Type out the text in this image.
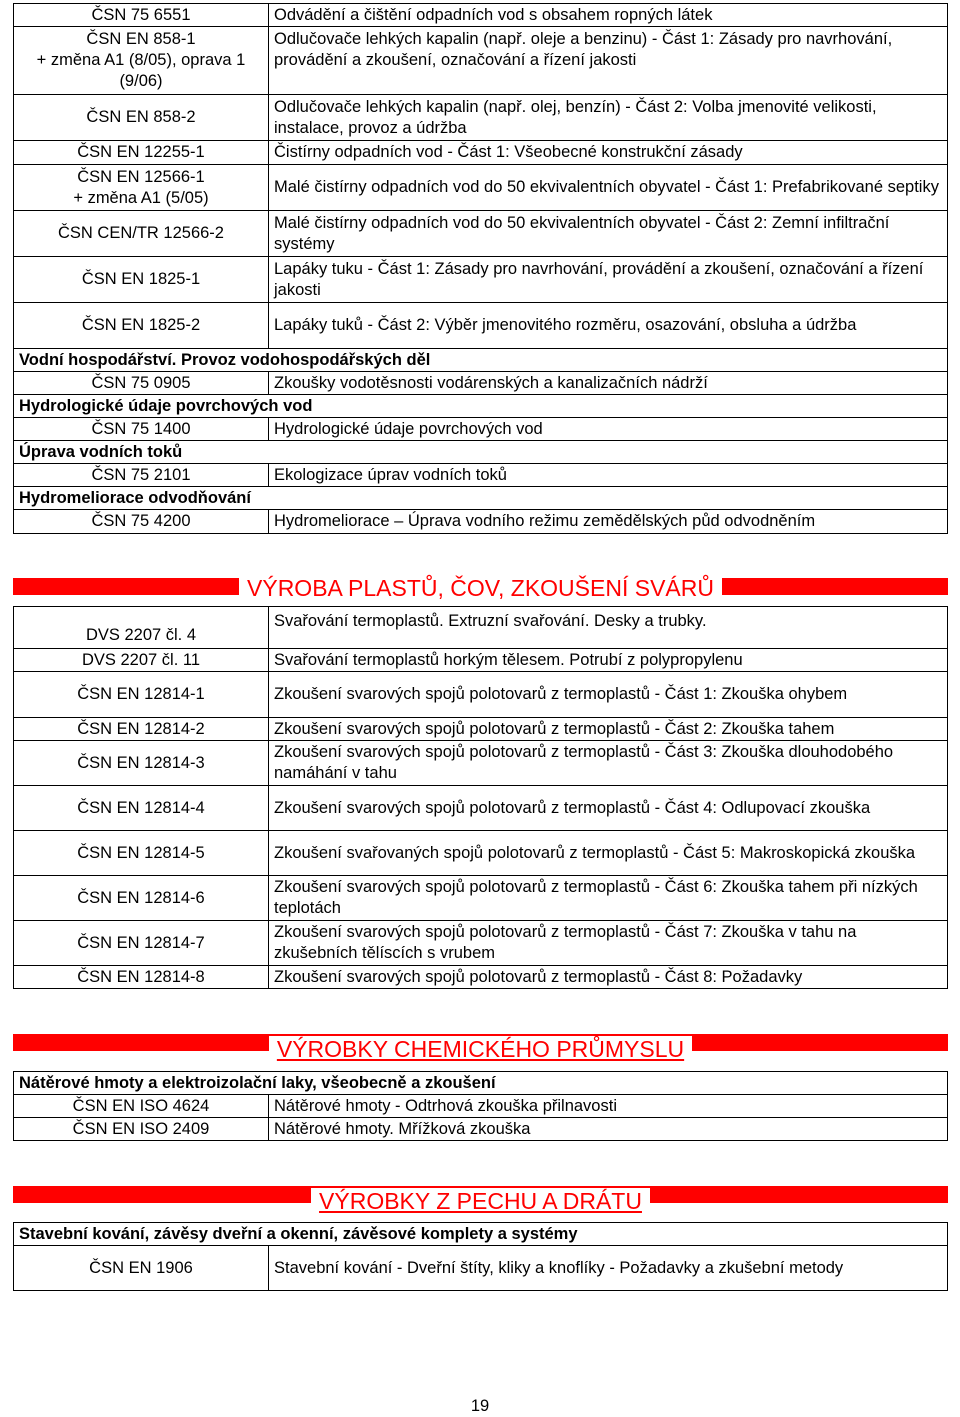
ČSN 75 6551	Odvádění a čištění odpadních vod s obsahem ropných látek
ČSN EN 858-1
+ změna A1 (8/05), oprava 1
(9/06)	Odlučovače lehkých kapalin (např. oleje a benzinu) - Část 1: Zásady pro navrhování, provádění a zkoušení, označování a řízení jakosti
ČSN EN 858-2	Odlučovače lehkých kapalin (např. olej, benzín) - Část 2: Volba jmenovité velikosti, instalace, provoz a údržba
ČSN EN 12255-1	Čistírny odpadních vod - Část 1: Všeobecné konstrukční zásady
ČSN EN 12566-1
+ změna A1 (5/05)	Malé čistírny odpadních vod do 50 ekvivalentních obyvatel - Část 1: Prefabrikované septiky
ČSN CEN/TR 12566-2	Malé čistírny odpadních vod do 50 ekvivalentních obyvatel - Část 2: Zemní infiltrační systémy
ČSN EN 1825-1	Lapáky tuku - Část 1: Zásady pro navrhování, provádění a zkoušení, označování a řízení jakosti
ČSN EN 1825-2	Lapáky tuků - Část 2: Výběr jmenovitého rozměru, osazování, obsluha a údržba
Vodní hospodářství. Provoz vodohospodářských děl	
ČSN 75 0905	Zkoušky vodotěsnosti vodárenských a kanalizačních nádrží
Hydrologické údaje povrchových vod	
ČSN 75 1400	Hydrologické údaje povrchových vod
Úprava vodních toků	
ČSN 75 2101	Ekologizace úprav vodních toků
Hydromeliorace odvodňování	
ČSN 75 4200	Hydromeliorace – Úprava vodního režimu zemědělských půd odvodněním
VÝROBA PLASTŮ, ČOV, ZKOUŠENÍ SVÁRŮ
DVS 2207 čl. 4	Svařování termoplastů. Extruzní svařování. Desky a trubky.
DVS 2207 čl. 11	Svařování termoplastů horkým tělesem. Potrubí z polypropylenu
ČSN EN 12814-1	Zkoušení svarových spojů polotovarů z termoplastů - Část 1: Zkouška ohybem
ČSN EN 12814-2	Zkoušení svarových spojů polotovarů z termoplastů - Část 2: Zkouška tahem
ČSN EN 12814-3	Zkoušení svarových spojů polotovarů z termoplastů - Část 3: Zkouška dlouhodobého namáhání v tahu
ČSN EN 12814-4	Zkoušení svarových spojů polotovarů z termoplastů - Část 4: Odlupovací zkouška
ČSN EN 12814-5	Zkoušení svařovaných spojů polotovarů z termoplastů - Část 5: Makroskopická zkouška
ČSN EN 12814-6	Zkoušení svarových spojů polotovarů z termoplastů - Část 6: Zkouška tahem při nízkých teplotách
ČSN EN 12814-7	Zkoušení svarových spojů polotovarů z termoplastů - Část 7: Zkouška v tahu na zkušebních tělíscích s vrubem
ČSN EN 12814-8	Zkoušení svarových spojů polotovarů z termoplastů - Část 8: Požadavky
VÝROBKY CHEMICKÉHO PRŮMYSLU
Nátěrové hmoty a elektroizolační laky, všeobecně a zkoušení	
ČSN EN ISO 4624	Nátěrové hmoty - Odtrhová zkouška přilnavosti
ČSN EN ISO 2409	Nátěrové hmoty. Mřížková zkouška
VÝROBKY Z PECHU A DRÁTU
Stavební kování, závěsy dveřní a okenní, závěsové komplety a systémy
ČSN EN 1906	Stavební kování - Dveřní štíty, kliky a knoflíky - Požadavky a zkušební metody
19
